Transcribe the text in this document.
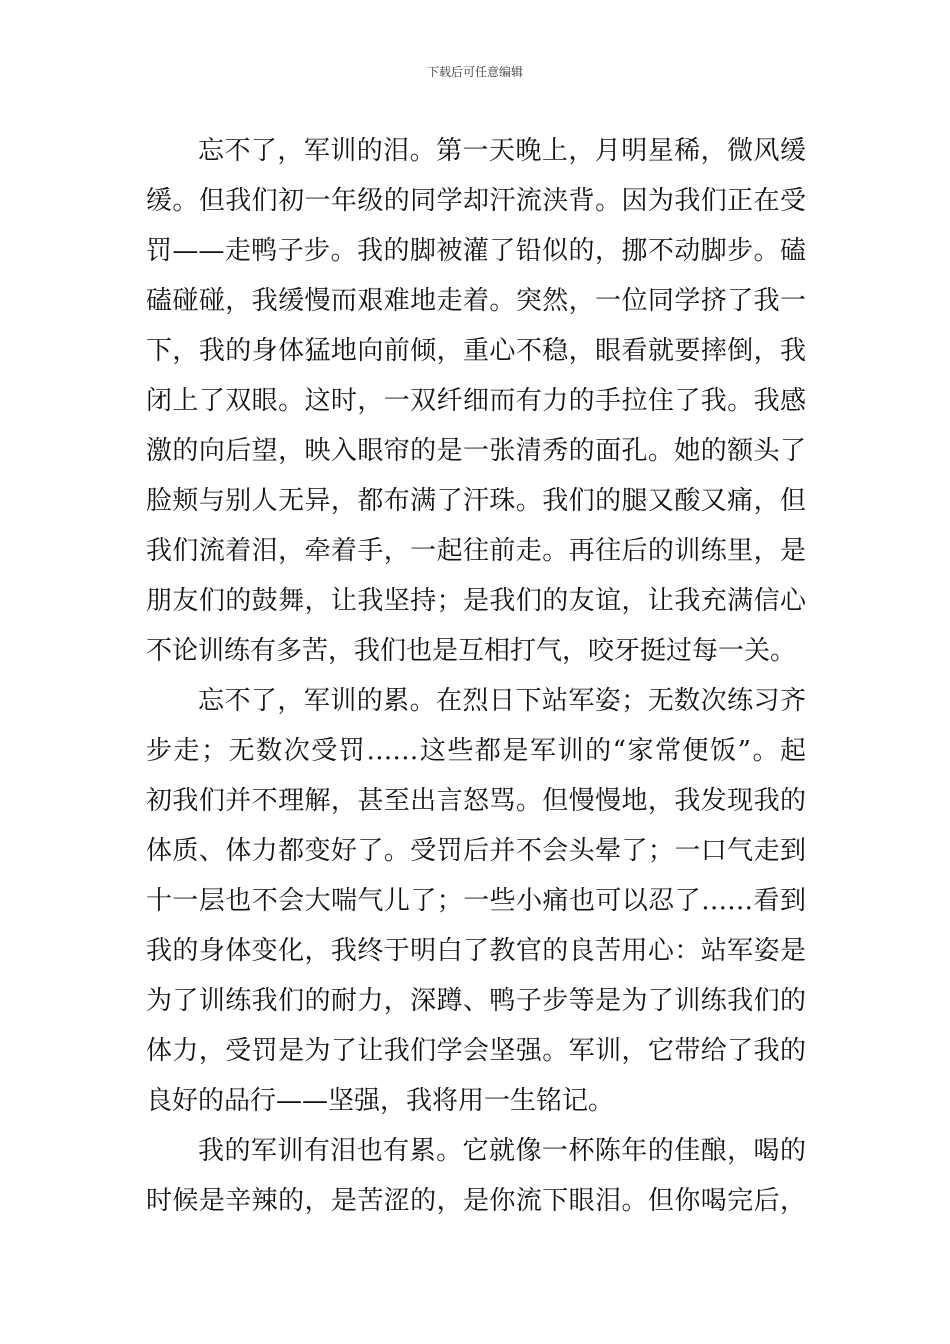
下载后可任意编辑
忘不了，军训的泪。第一天晚上，月明星稀，微风缓
缓。但我们初一年级的同学却汗流浃背。因为我们正在受
罚——走鸭子步。我的脚被灌了铅似的，挪不动脚步。磕
磕碰碰，我缓慢而艰难地走着。突然，一位同学挤了我一
下，我的身体猛地向前倾，重心不稳，眼看就要摔倒，我
闭上了双眼。这时，一双纤细而有力的手拉住了我。我感
激的向后望，映入眼帘的是一张清秀的面孔。她的额头了
脸颊与别人无异，都布满了汗珠。我们的腿又酸又痛，但
我们流着泪，牵着手，一起往前走。再往后的训练里，是
朋友们的鼓舞，让我坚持；是我们的友谊，让我充满信心
不论训练有多苦，我们也是互相打气，咬牙挺过每一关。
忘不了，军训的累。在烈日下站军姿；无数次练习齐
步走；无数次受罚……这些都是军训的“家常便饭”。起
初我们并不理解，甚至出言怒骂。但慢慢地，我发现我的
体质、体力都变好了。受罚后并不会头晕了；一口气走到
十一层也不会大喘气儿了；一些小痛也可以忍了……看到
我的身体变化，我终于明白了教官的良苦用心：站军姿是
为了训练我们的耐力，深蹲、鸭子步等是为了训练我们的
体力，受罚是为了让我们学会坚强。军训，它带给了我的
良好的品行——坚强，我将用一生铭记。
我的军训有泪也有累。它就像一杯陈年的佳酿，喝的
时候是辛辣的，是苦涩的，是你流下眼泪。但你喝完后，
